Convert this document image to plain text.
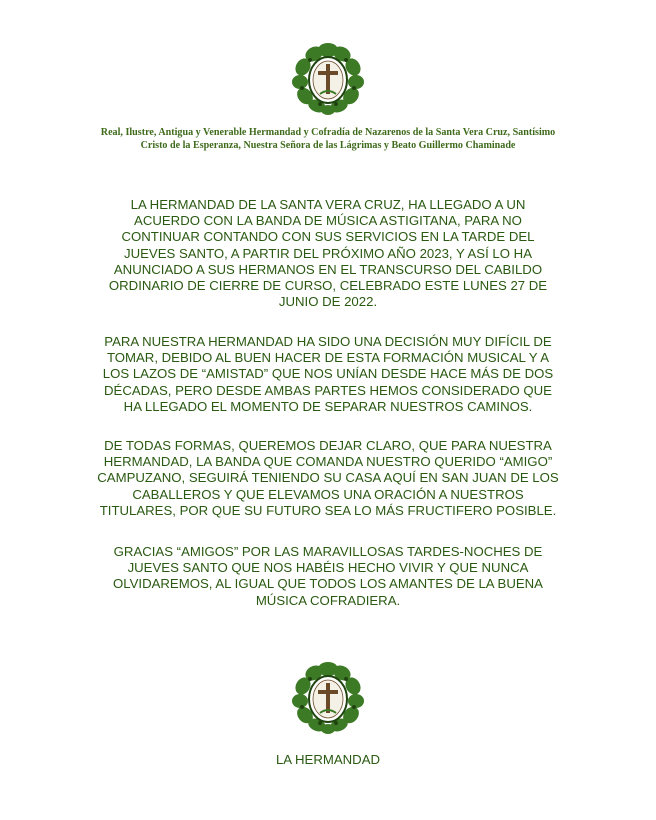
Real, Ilustre, Antigua y Venerable Hermandad y Cofradía de Nazarenos de la Santa Vera Cruz, Santísimo
Cristo de la Esperanza, Nuestra Señora de las Lágrimas y Beato Guillermo Chaminade
LA HERMANDAD DE LA SANTA VERA CRUZ, HA LLEGADO A UN
ACUERDO CON LA BANDA DE MÚSICA ASTIGITANA, PARA NO
CONTINUAR CONTANDO CON SUS SERVICIOS EN LA TARDE DEL
JUEVES SANTO, A PARTIR DEL PRÓXIMO AÑO 2023, Y ASÍ LO HA
ANUNCIADO A SUS HERMANOS EN EL TRANSCURSO DEL CABILDO
ORDINARIO DE CIERRE DE CURSO, CELEBRADO ESTE LUNES 27 DE
JUNIO DE 2022.
PARA NUESTRA HERMANDAD HA SIDO UNA DECISIÓN MUY DIFÍCIL DE
TOMAR, DEBIDO AL BUEN HACER DE ESTA FORMACIÓN MUSICAL Y A
LOS LAZOS DE “AMISTAD” QUE NOS UNÍAN DESDE HACE MÁS DE DOS
DÉCADAS, PERO DESDE AMBAS PARTES HEMOS CONSIDERADO QUE
HA LLEGADO EL MOMENTO DE SEPARAR NUESTROS CAMINOS.
DE TODAS FORMAS, QUEREMOS DEJAR CLARO, QUE PARA NUESTRA
HERMANDAD, LA BANDA QUE COMANDA NUESTRO QUERIDO “AMIGO”
CAMPUZANO, SEGUIRÁ TENIENDO SU CASA AQUÍ EN SAN JUAN DE LOS
CABALLEROS Y QUE ELEVAMOS UNA ORACIÓN A NUESTROS
TITULARES, POR QUE SU FUTURO SEA LO MÁS FRUCTIFERO POSIBLE.
GRACIAS “AMIGOS” POR LAS MARAVILLOSAS TARDES-NOCHES DE
JUEVES SANTO QUE NOS HABÉIS HECHO VIVIR Y QUE NUNCA
OLVIDAREMOS, AL IGUAL QUE TODOS LOS AMANTES DE LA BUENA
MÚSICA COFRADIERA.
LA HERMANDAD
